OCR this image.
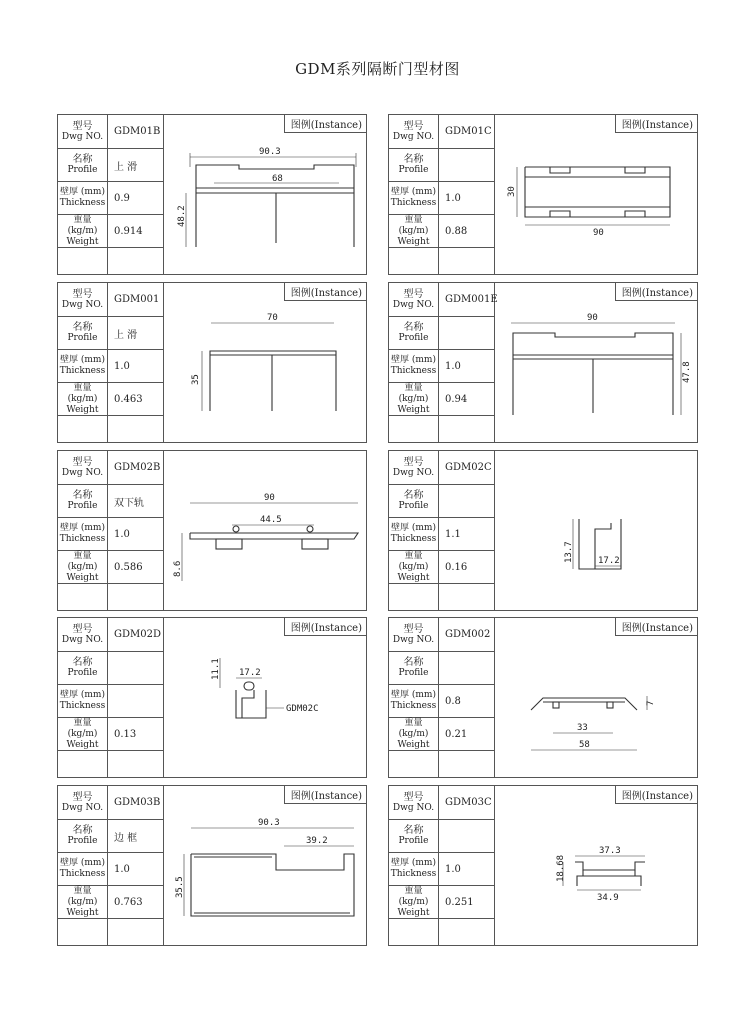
GDM系列隔断门型材图
型号
Dwg NO.	GDM01B
名称
Profile	上 滑
壁厚 (mm)
Thickness 0.9
重量 (kg/m)
Weight
0.914
图例(Instance)
90.3
68
48.2
型号
Dwg NO.	GDM01C
名称
Profile
壁厚 (mm)
Thickness 1.0
重量 (kg/m)
Weight
0.88
图例(Instance)
30
90
型号
Dwg NO.	GDM001
名称
Profile	上 滑
壁厚 (mm)
Thickness 1.0
重量 (kg/m)
Weight
0.463
图例(Instance)
70
35
型号
Dwg NO.	GDM001E
名称
Profile
壁厚 (mm)
Thickness 1.0
重量 (kg/m)
Weight
0.94
图例(Instance)
90
47.8
型号
Dwg NO.	GDM02B
名称
Profile	双下轨
壁厚 (mm)
Thickness 1.0
重量 (kg/m)
Weight
0.586
90
44.5
8.6
型号
Dwg NO.	GDM02C
名称
Profile
壁厚 (mm)
Thickness 1.1
重量 (kg/m)
Weight
0.16
13.7	17.2
型号
Dwg NO.	GDM02D
名称
Profile
壁厚 (mm)
Thickness
重量 (kg/m)
Weight
0.13
图例(Instance)
17.2
11.1
GDM02C
型号
Dwg NO.	GDM002
名称
Profile
壁厚 (mm)
Thickness 0.8
重量 (kg/m)
Weight
0.21
图例(Instance)
7
33
58
型号
Dwg NO.	GDM03B
名称
Profile	边 框
壁厚 (mm)
Thickness 1.0
重量 (kg/m)
Weight
0.763
图例(Instance)
90.3
39.2
35.5
型号
Dwg NO.	GDM03C
名称
Profile
壁厚 (mm)
Thickness 1.0
重量 (kg/m)
Weight
0.251
图例(Instance)
37.3
18.68
34.9
